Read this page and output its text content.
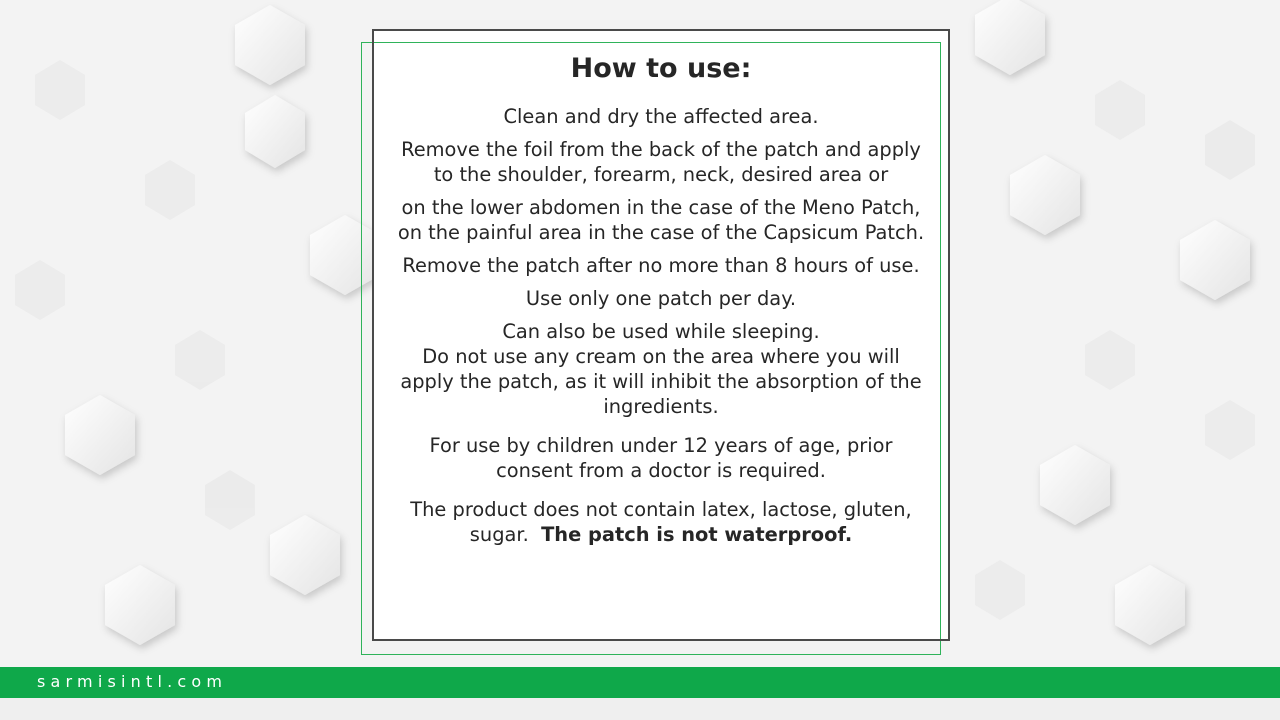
How to use:

Clean and dry the affected area.

Remove the foil from the back of the patch and apply

to the shoulder, forearm, neck, desired area or

on the lower abdomen in the case of the Meno Patch,

on the painful area in the case of the Capsicum Patch.

Remove the patch after no more than 8 hours of use.

Use only one patch per day.

Can also be used while sleeping.

Do not use any cream on the area where you will

apply the patch, as it will inhibit the absorption of the

ingredients.

For use by children under 12 years of age, prior

consent from a doctor is required.

The product does not contain latex, lactose, gluten,

sugar. The patch is not waterproof.

sarmisintl.com
